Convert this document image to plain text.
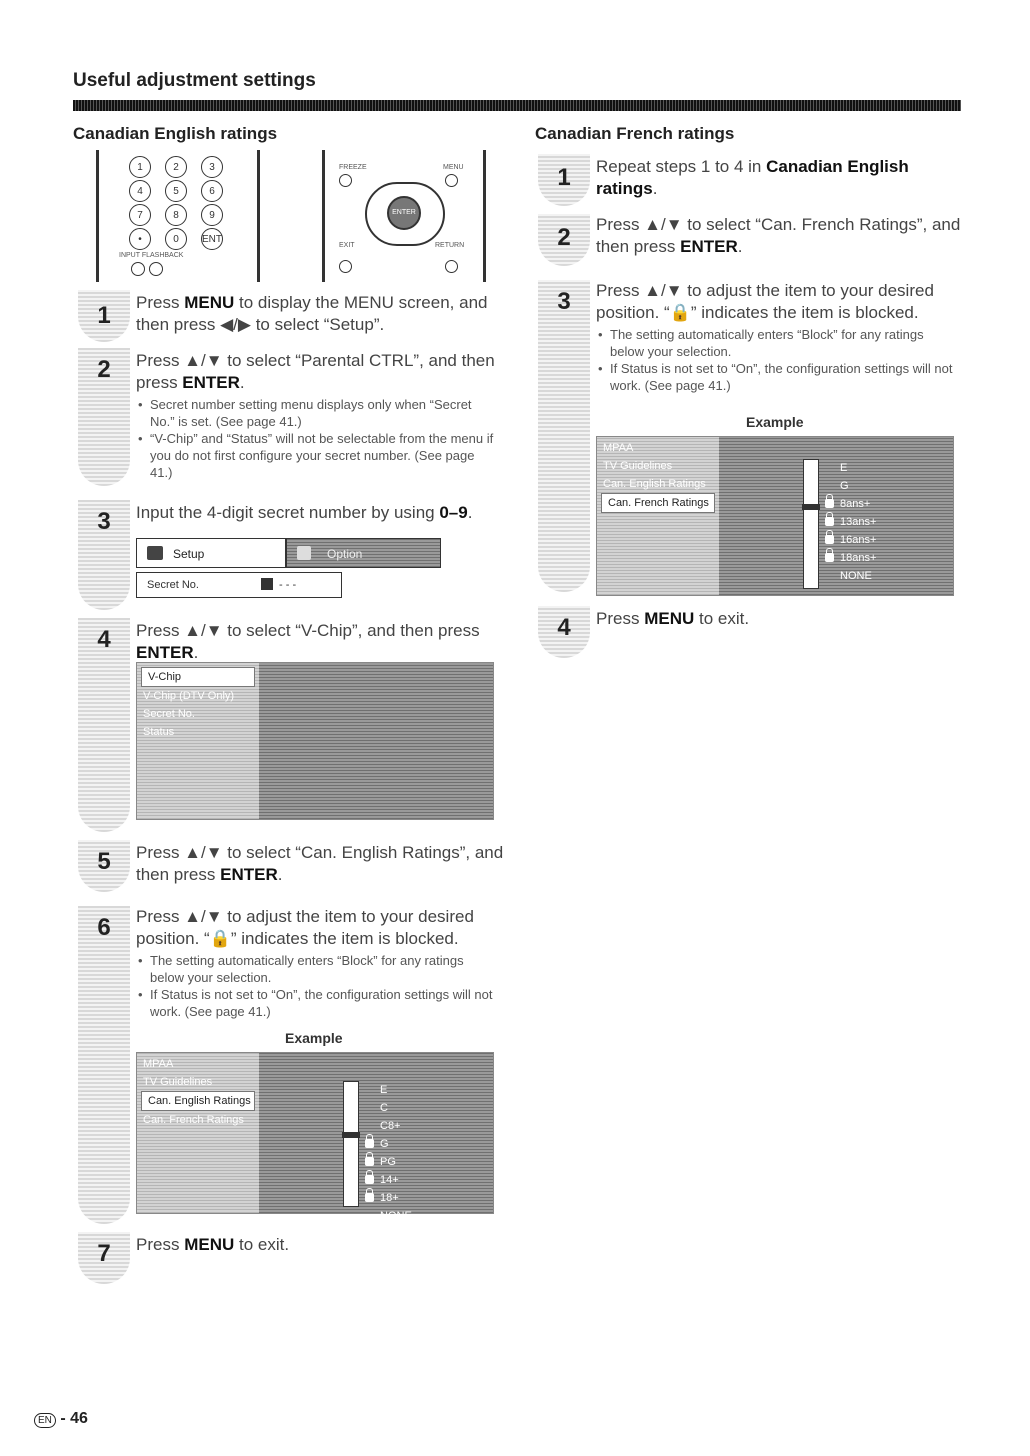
Useful adjustment settings
Canadian English ratings
1	2	3
4	5	6
7	8	9
•	0	ENT
INPUT FLASHBACK
FREEZE	MENU
ENTER
EXIT	RETURN
1	Press MENU to display the MENU screen, and then press ◀/▶ to select “Setup”.
2	Press ▲/▼ to select “Parental CTRL”, and then press ENTER.
• Secret number setting menu displays only when “Secret No.” is set. (See page 41.)
• “V-Chip” and “Status” will not be selectable from the menu if you do not first configure your secret number. (See page 41.)
3	Input the 4-digit secret number by using 0–9.
Setup	Option
Secret No.	- - -
4	Press ▲/▼ to select “V-Chip”, and then press ENTER.
V-Chip
V-Chip (DTV Only)
Secret No.
Status
5	Press ▲/▼ to select “Can. English Ratings”, and then press ENTER.
6	Press ▲/▼ to adjust the item to your desired position. “🔒” indicates the item is blocked.
• The setting automatically enters “Block” for any ratings below your selection.
• If Status is not set to “On”, the configuration settings will not work. (See page 41.)
Example
MPAA
TV Guidelines
Can. English Ratings
Can. French Ratings
E
C
C8+
G
PG
14+
18+
NONE
7	Press MENU to exit.
Canadian French ratings
1	Repeat steps 1 to 4 in Canadian English ratings.
2	Press ▲/▼ to select “Can. French Ratings”, and then press ENTER.
3	Press ▲/▼ to adjust the item to your desired position. “🔒” indicates the item is blocked.
• The setting automatically enters “Block” for any ratings below your selection.
• If Status is not set to “On”, the configuration settings will not work. (See page 41.)
Example
MPAA
TV Guidelines
Can. English Ratings
Can. French Ratings
E
G
8ans+
13ans+
16ans+
18ans+
NONE
4	Press MENU to exit.
EN - 46
